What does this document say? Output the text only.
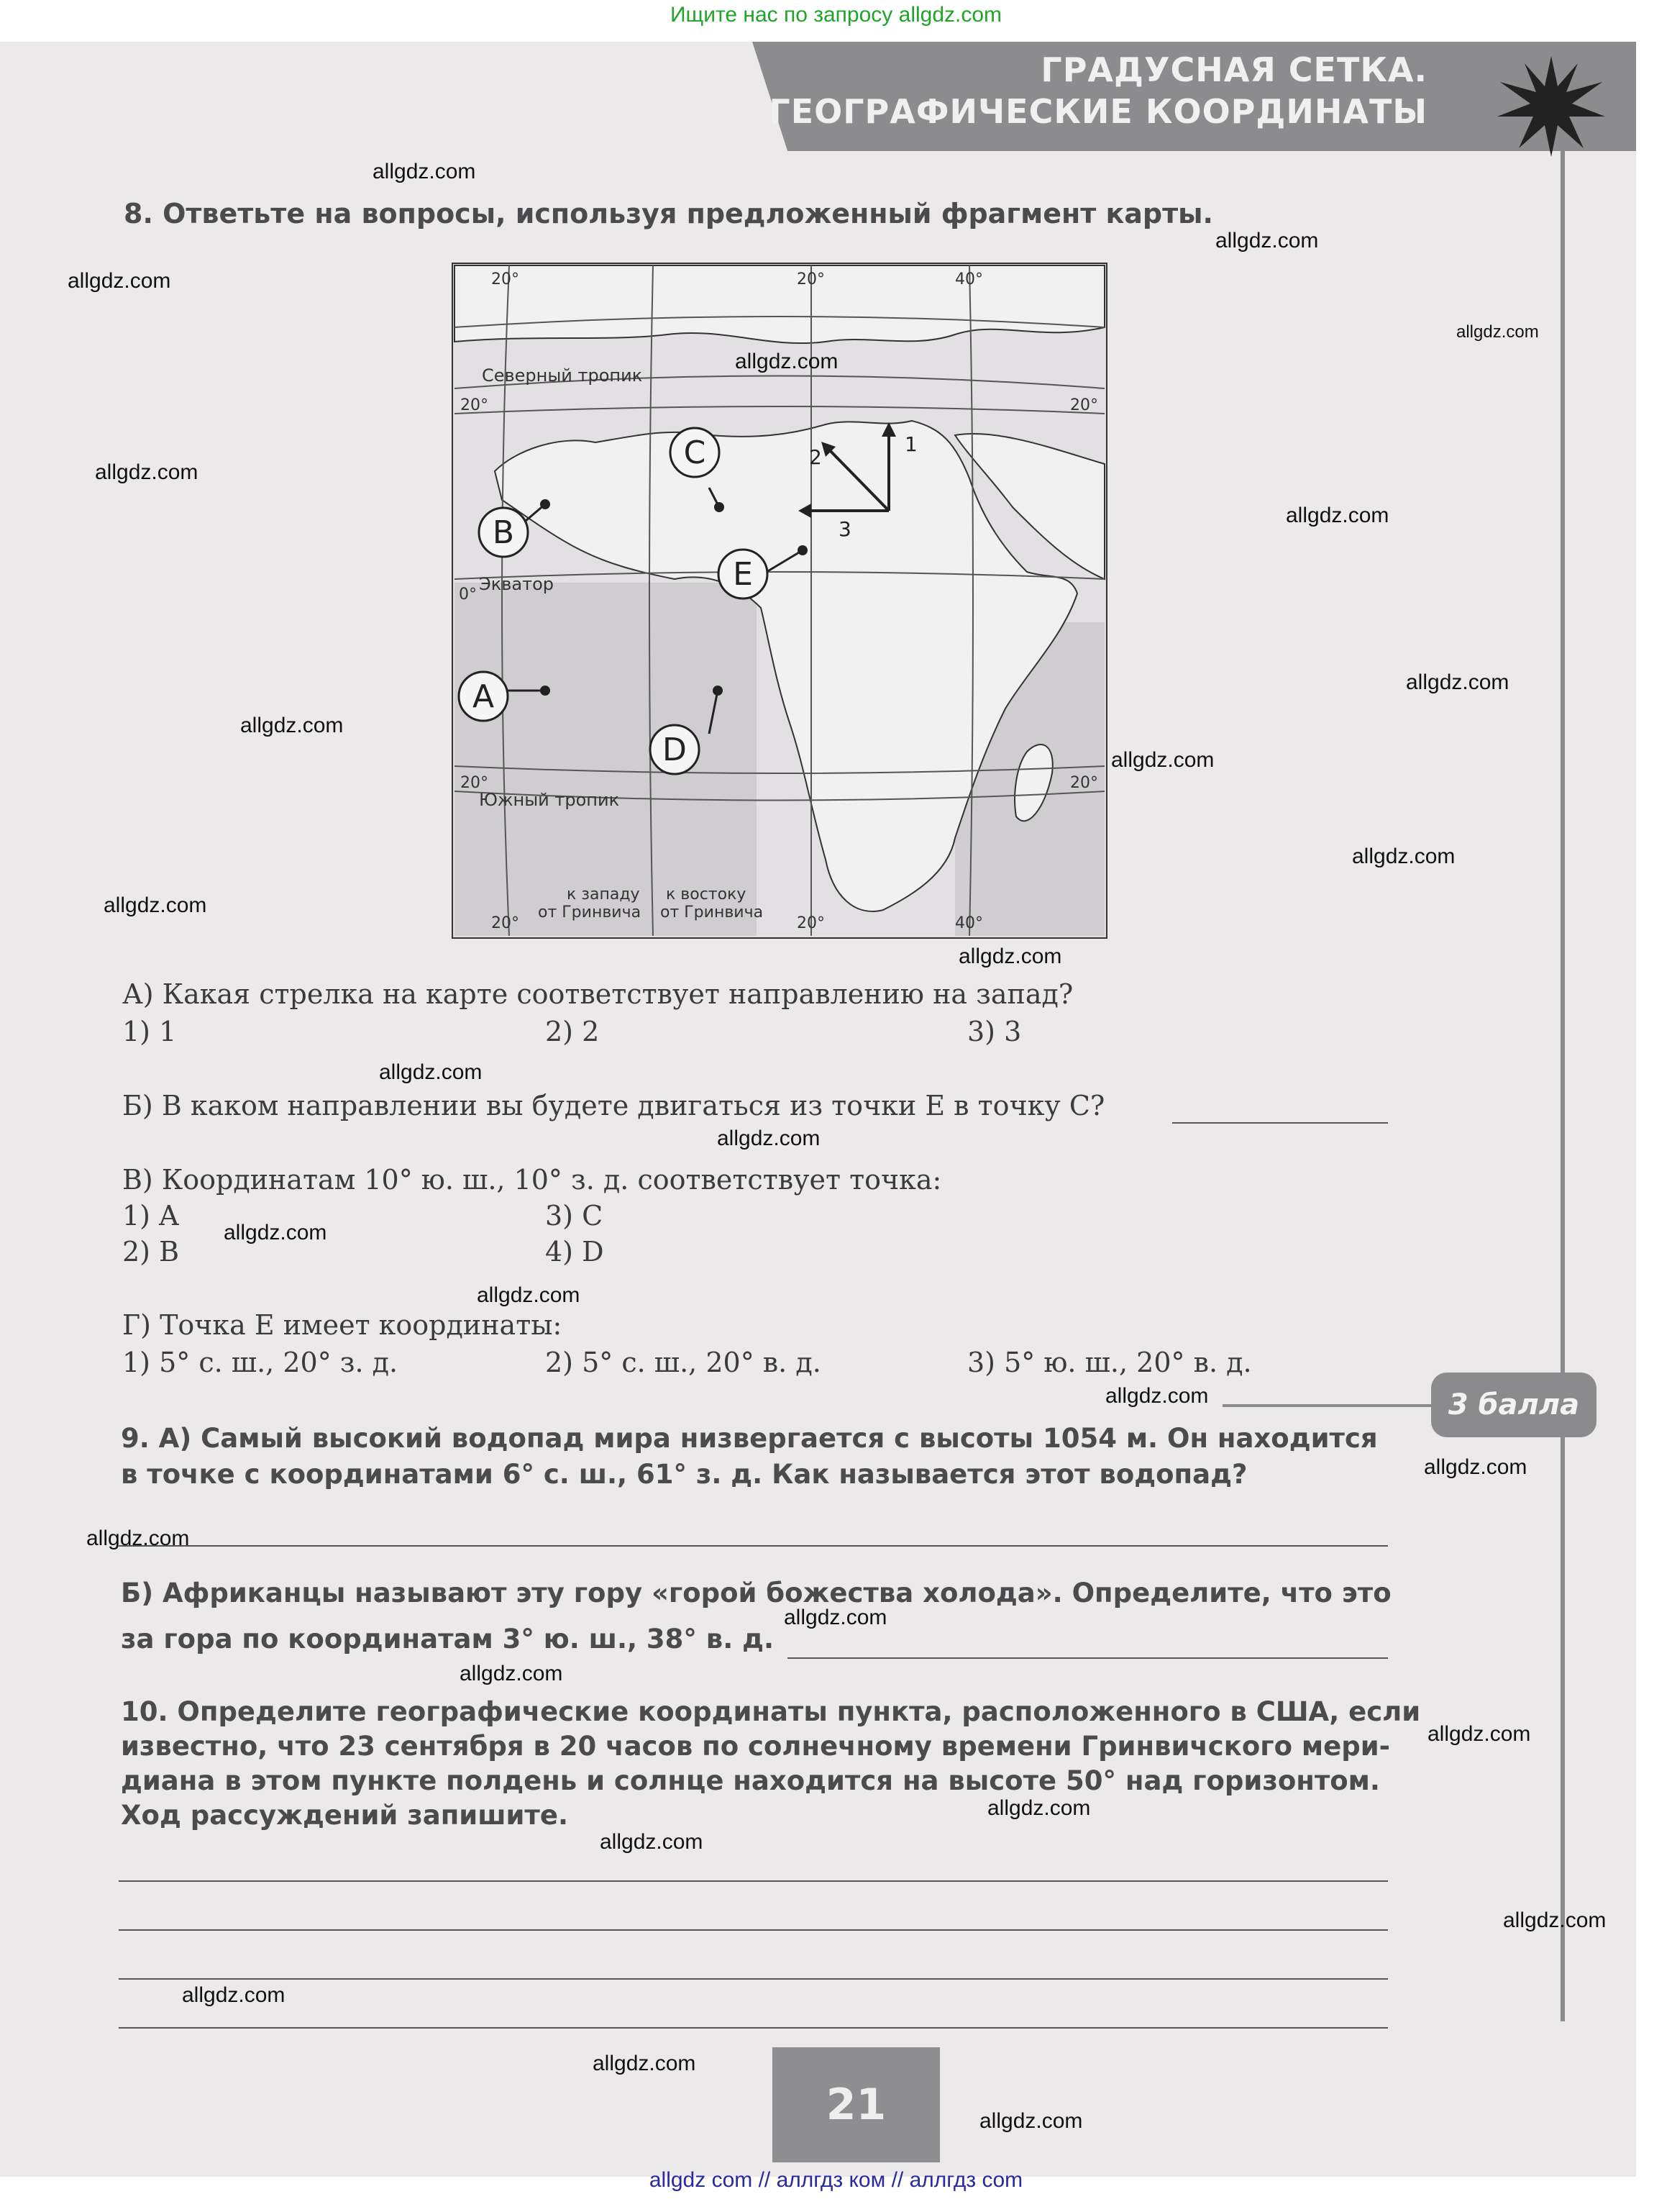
Ищите нас по запросу allgdz.com
ГРАДУСНАЯ СЕТКА.
ГЕОГРАФИЧЕСКИЕ КООРДИНАТЫ
8. Ответьте на вопросы, используя предложенный фрагмент карты.
20°	20°	40°
20°	20°
0°
20°	20°
20°	20°	40°
Северный тропик
Экватор
Южный тропик
к западу
от Гринвича
к востоку
от Гринвича
1
2
3
A
B
C
D
E
А) Какая стрелка на карте соответствует направлению на запад?
1) 1	2) 2	3) 3
Б) В каком направлении вы будете двигаться из точки Е в точку С?
В) Координатам 10° ю. ш., 10° з. д. соответствует точка:
1) A	3) C
2) B	4) D
Г) Точка Е имеет координаты:
1) 5° с. ш., 20° з. д.	2) 5° с. ш., 20° в. д.	3) 5° ю. ш., 20° в. д.
3 балла
9. А) Самый высокий водопад мира низвергается с высоты 1054 м. Он находится
в точке с координатами 6° с. ш., 61° з. д. Как называется этот водопад?
Б) Африканцы называют эту гору «горой божества холода». Определите, что это
за гора по координатам 3° ю. ш., 38° в. д.
10. Определите географические координаты пункта, расположенного в США, если
известно, что 23 сентября в 20 часов по солнечному времени Гринвичского мери-
диана в этом пункте полдень и солнце находится на высоте 50° над горизонтом.
Ход рассуждений запишите.
21
allgdz.com
allgdz.com
allgdz.com
allgdz.com
allgdz.com
allgdz.com
allgdz.com
allgdz.com
allgdz.com
allgdz.com
allgdz.com
allgdz.com
allgdz.com
allgdz.com
allgdz.com
allgdz.com
allgdz.com
allgdz.com
allgdz.com
allgdz.com
allgdz.com
allgdz.com
allgdz.com
allgdz.com
allgdz.com
allgdz.com
allgdz.com
allgdz.com
allgdz.com
allgdz com // аллгдз ком // аллгдз com
